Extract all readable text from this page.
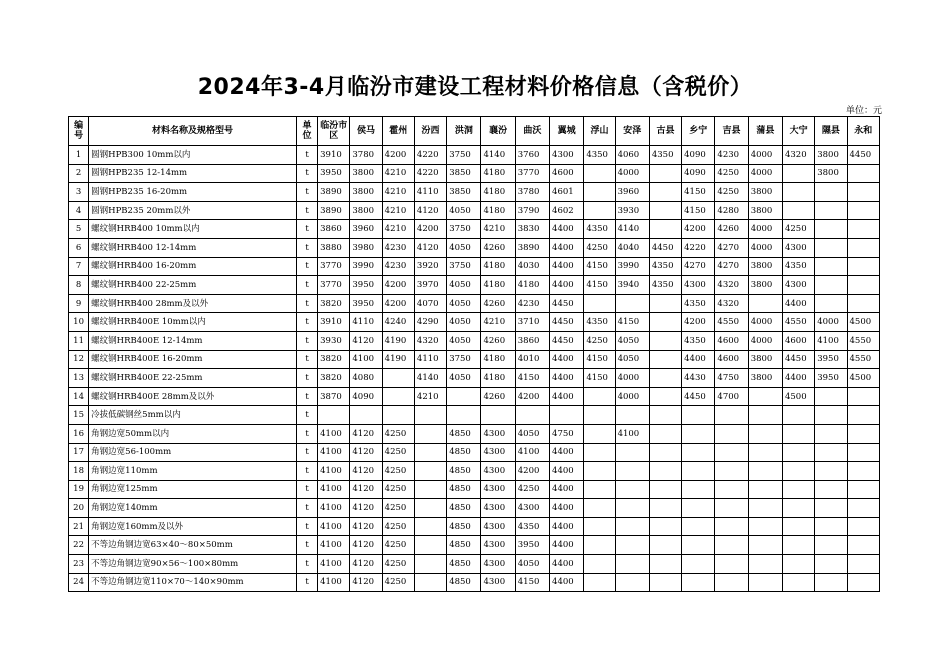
2024年3-4月临汾市建设工程材料价格信息（含税价）
单位：元
编号	材料名称及规格型号	单位	临汾市区	侯马	霍州	汾西	洪洞	襄汾	曲沃	翼城	浮山	安泽	古县	乡宁	吉县	蒲县	大宁	隰县	永和
1	圆钢HPB300 10mm以内	t	3910	3780	4200	4220	3750	4140	3760	4300	4350	4060	4350	4090	4230	4000	4320	3800	4450
2	圆钢HPB235 12-14mm	t	3950	3800	4210	4220	3850	4180	3770	4600		4000		4090	4250	4000		3800	
3	圆钢HPB235 16-20mm	t	3890	3800	4210	4110	3850	4180	3780	4601		3960		4150	4250	3800			
4	圆钢HPB235 20mm以外	t	3890	3800	4210	4120	4050	4180	3790	4602		3930		4150	4280	3800			
5	螺纹钢HRB400 10mm以内	t	3860	3960	4210	4200	3750	4210	3830	4400	4350	4140		4200	4260	4000	4250		
6	螺纹钢HRB400 12-14mm	t	3880	3980	4230	4120	4050	4260	3890	4400	4250	4040	4450	4220	4270	4000	4300		
7	螺纹钢HRB400 16-20mm	t	3770	3990	4230	3920	3750	4180	4030	4400	4150	3990	4350	4270	4270	3800	4350		
8	螺纹钢HRB400 22-25mm	t	3770	3950	4200	3970	4050	4180	4180	4400	4150	3940	4350	4300	4320	3800	4300		
9	螺纹钢HRB400 28mm及以外	t	3820	3950	4200	4070	4050	4260	4230	4450				4350	4320		4400		
10	螺纹钢HRB400E 10mm以内	t	3910	4110	4240	4290	4050	4210	3710	4450	4350	4150		4200	4550	4000	4550	4000	4500
11	螺纹钢HRB400E 12-14mm	t	3930	4120	4190	4320	4050	4260	3860	4450	4250	4050		4350	4600	4000	4600	4100	4550
12	螺纹钢HRB400E 16-20mm	t	3820	4100	4190	4110	3750	4180	4010	4400	4150	4050		4400	4600	3800	4450	3950	4550
13	螺纹钢HRB400E 22-25mm	t	3820	4080		4140	4050	4180	4150	4400	4150	4000		4430	4750	3800	4400	3950	4500
14	螺纹钢HRB400E 28mm及以外	t	3870	4090		4210		4260	4200	4400		4000		4450	4700		4500		
15	冷拔低碳钢丝5mm以内	t																	
16	角钢边宽50mm以内	t	4100	4120	4250		4850	4300	4050	4750		4100							
17	角钢边宽56-100mm	t	4100	4120	4250		4850	4300	4100	4400									
18	角钢边宽110mm	t	4100	4120	4250		4850	4300	4200	4400									
19	角钢边宽125mm	t	4100	4120	4250		4850	4300	4250	4400									
20	角钢边宽140mm	t	4100	4120	4250		4850	4300	4300	4400									
21	角钢边宽160mm及以外	t	4100	4120	4250		4850	4300	4350	4400									
22	不等边角钢边宽63×40～80×50mm	t	4100	4120	4250		4850	4300	3950	4400									
23	不等边角钢边宽90×56～100×80mm	t	4100	4120	4250		4850	4300	4050	4400									
24	不等边角钢边宽110×70～140×90mm	t	4100	4120	4250		4850	4300	4150	4400									
